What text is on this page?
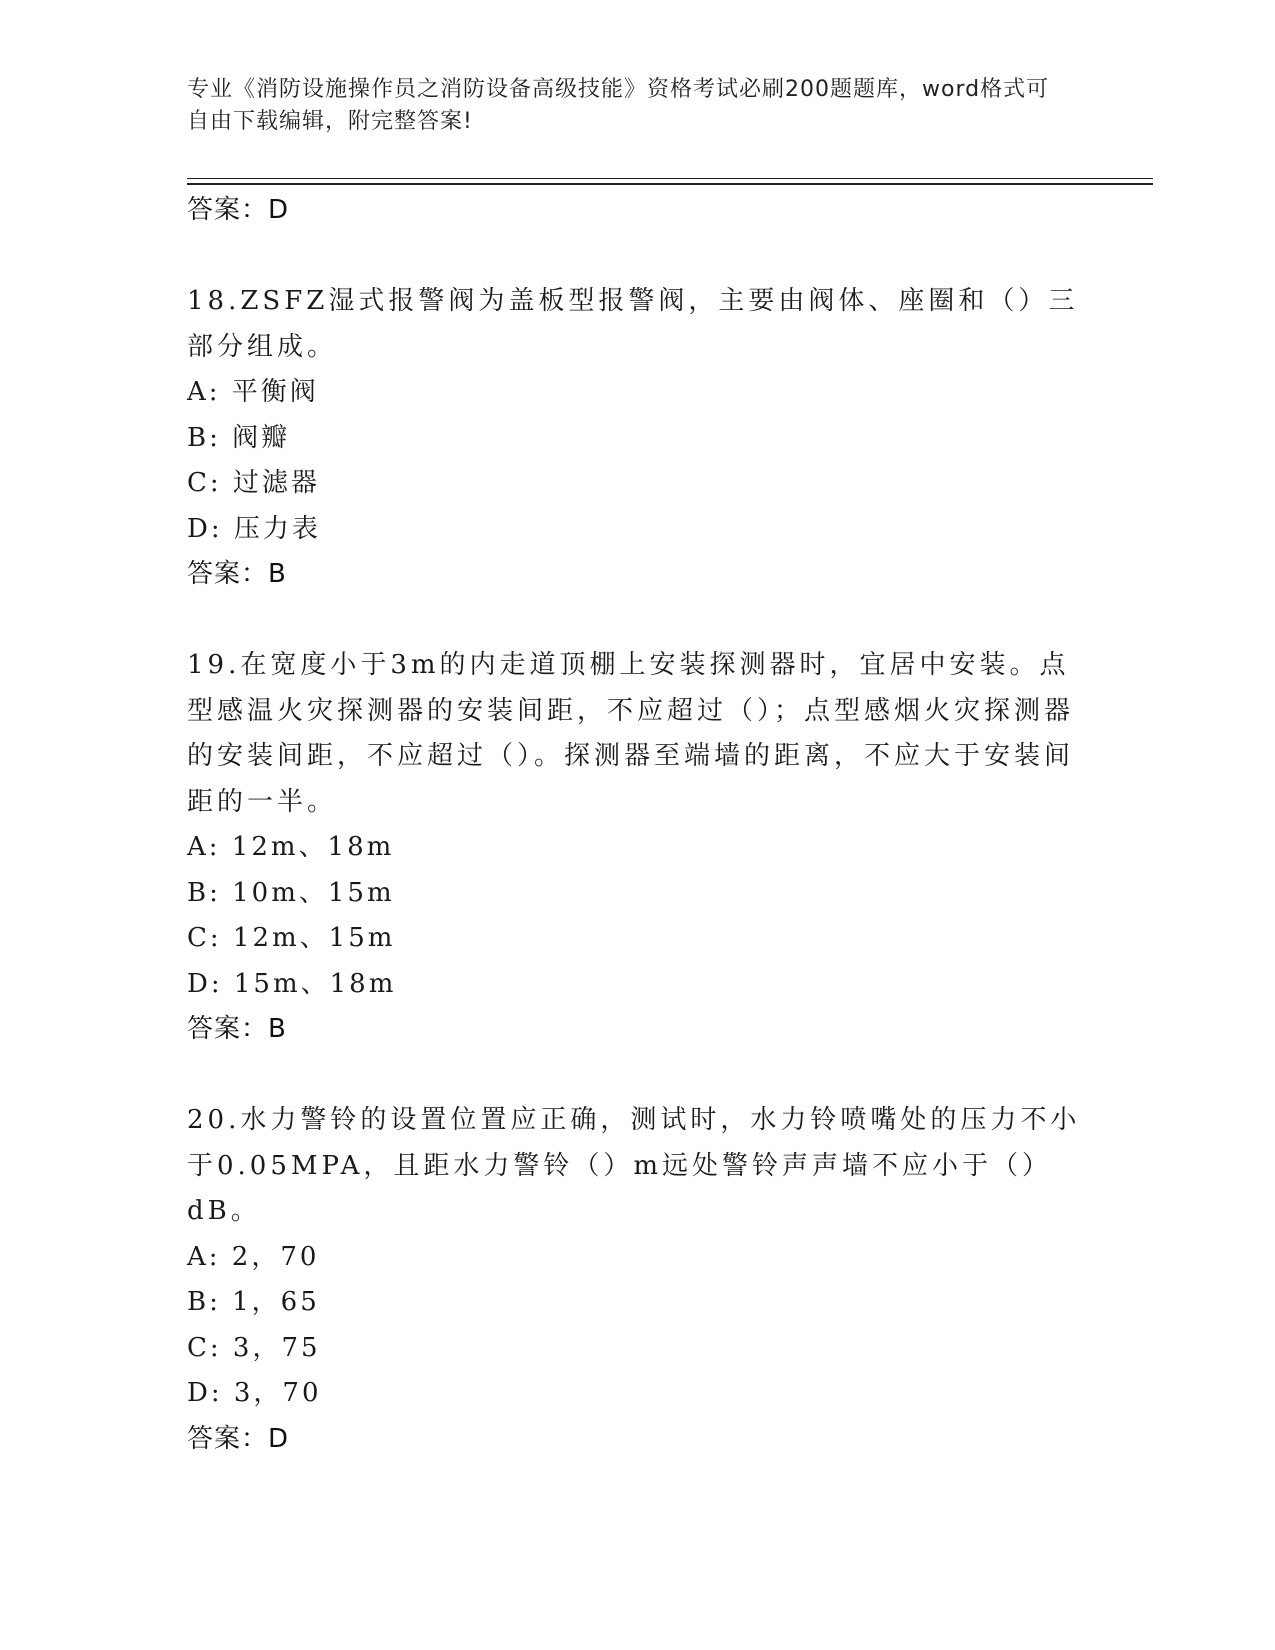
专业《消防设施操作员之消防设备高级技能》资格考试必刷200题题库，word格式可自由下载编辑，附完整答案!
答案：D
18.ZSFZ湿式报警阀为盖板型报警阀，主要由阀体、座圈和（）三部分组成。
A: 平衡阀
B: 阀瓣
C: 过滤器
D: 压力表
答案：B
19.在宽度小于3m的内走道顶棚上安装探测器时，宜居中安装。点型感温火灾探测器的安装间距，不应超过（）；点型感烟火灾探测器的安装间距，不应超过（）。探测器至端墙的距离，不应大于安装间距的一半。
A: 12m、18m
B: 10m、15m
C: 12m、15m
D: 15m、18m
答案：B
20.水力警铃的设置位置应正确，测试时，水力铃喷嘴处的压力不小于0.05MPA，且距水力警铃（）m远处警铃声声墙不应小于（）dB。
A: 2，70
B: 1，65
C: 3，75
D: 3，70
答案：D
